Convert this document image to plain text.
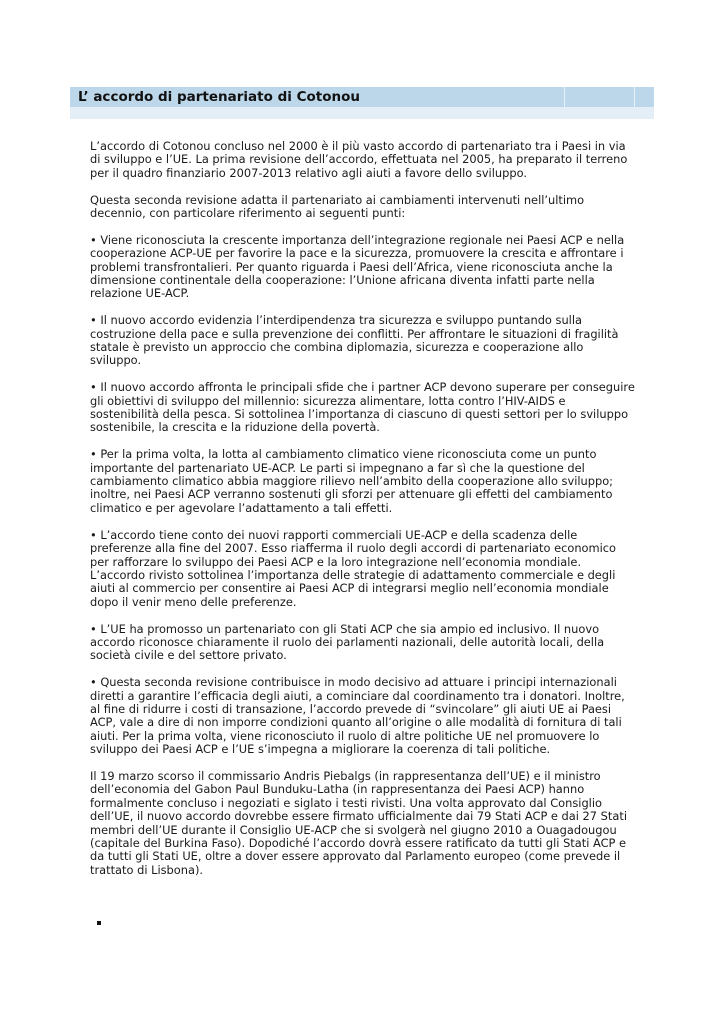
L’ accordo di partenariato di Cotonou

L’accordo di Cotonou concluso nel 2000 è il più vasto accordo di partenariato tra i Paesi in via di sviluppo e l’UE. La prima revisione dell’accordo, effettuata nel 2005, ha preparato il terreno per il quadro finanziario 2007-2013 relativo agli aiuti a favore dello sviluppo.

Questa seconda revisione adatta il partenariato ai cambiamenti intervenuti nell’ultimo decennio, con particolare riferimento ai seguenti punti:

• Viene riconosciuta la crescente importanza dell’integrazione regionale nei Paesi ACP e nella cooperazione ACP-UE per favorire la pace e la sicurezza, promuovere la crescita e affrontare i problemi transfrontalieri. Per quanto riguarda i Paesi dell’Africa, viene riconosciuta anche la dimensione continentale della cooperazione: l’Unione africana diventa infatti parte nella relazione UE-ACP.

• Il nuovo accordo evidenzia l’interdipendenza tra sicurezza e sviluppo puntando sulla costruzione della pace e sulla prevenzione dei conflitti. Per affrontare le situazioni di fragilità statale è previsto un approccio che combina diplomazia, sicurezza e cooperazione allo sviluppo.

• Il nuovo accordo affronta le principali sfide che i partner ACP devono superare per conseguire gli obiettivi di sviluppo del millennio: sicurezza alimentare, lotta contro l’HIV-AIDS e sostenibilità della pesca. Si sottolinea l’importanza di ciascuno di questi settori per lo sviluppo sostenibile, la crescita e la riduzione della povertà.

• Per la prima volta, la lotta al cambiamento climatico viene riconosciuta come un punto importante del partenariato UE-ACP. Le parti si impegnano a far sì che la questione del cambiamento climatico abbia maggiore rilievo nell’ambito della cooperazione allo sviluppo; inoltre, nei Paesi ACP verranno sostenuti gli sforzi per attenuare gli effetti del cambiamento climatico e per agevolare l’adattamento a tali effetti.

• L’accordo tiene conto dei nuovi rapporti commerciali UE-ACP e della scadenza delle preferenze alla fine del 2007. Esso riafferma il ruolo degli accordi di partenariato economico per rafforzare lo sviluppo dei Paesi ACP e la loro integrazione nell’economia mondiale. L’accordo rivisto sottolinea l’importanza delle strategie di adattamento commerciale e degli aiuti al commercio per consentire ai Paesi ACP di integrarsi meglio nell’economia mondiale dopo il venir meno delle preferenze.

• L’UE ha promosso un partenariato con gli Stati ACP che sia ampio ed inclusivo. Il nuovo accordo riconosce chiaramente il ruolo dei parlamenti nazionali, delle autorità locali, della società civile e del settore privato.

• Questa seconda revisione contribuisce in modo decisivo ad attuare i principi internazionali diretti a garantire l’efficacia degli aiuti, a cominciare dal coordinamento tra i donatori. Inoltre, al fine di ridurre i costi di transazione, l’accordo prevede di “svincolare” gli aiuti UE ai Paesi ACP, vale a dire di non imporre condizioni quanto all’origine o alle modalità di fornitura di tali aiuti. Per la prima volta, viene riconosciuto il ruolo di altre politiche UE nel promuovere lo sviluppo dei Paesi ACP e l’UE s’impegna a migliorare la coerenza di tali politiche.

Il 19 marzo scorso il commissario Andris Piebalgs (in rappresentanza dell’UE) e il ministro dell’economia del Gabon Paul Bunduku-Latha (in rappresentanza dei Paesi ACP) hanno formalmente concluso i negoziati e siglato i testi rivisti. Una volta approvato dal Consiglio dell’UE, il nuovo accordo dovrebbe essere firmato ufficialmente dai 79 Stati ACP e dai 27 Stati membri dell’UE durante il Consiglio UE-ACP che si svolgerà nel giugno 2010 a Ouagadougou (capitale del Burkina Faso). Dopodiché l’accordo dovrà essere ratificato da tutti gli Stati ACP e da tutti gli Stati UE, oltre a dover essere approvato dal Parlamento europeo (come prevede il trattato di Lisbona).
